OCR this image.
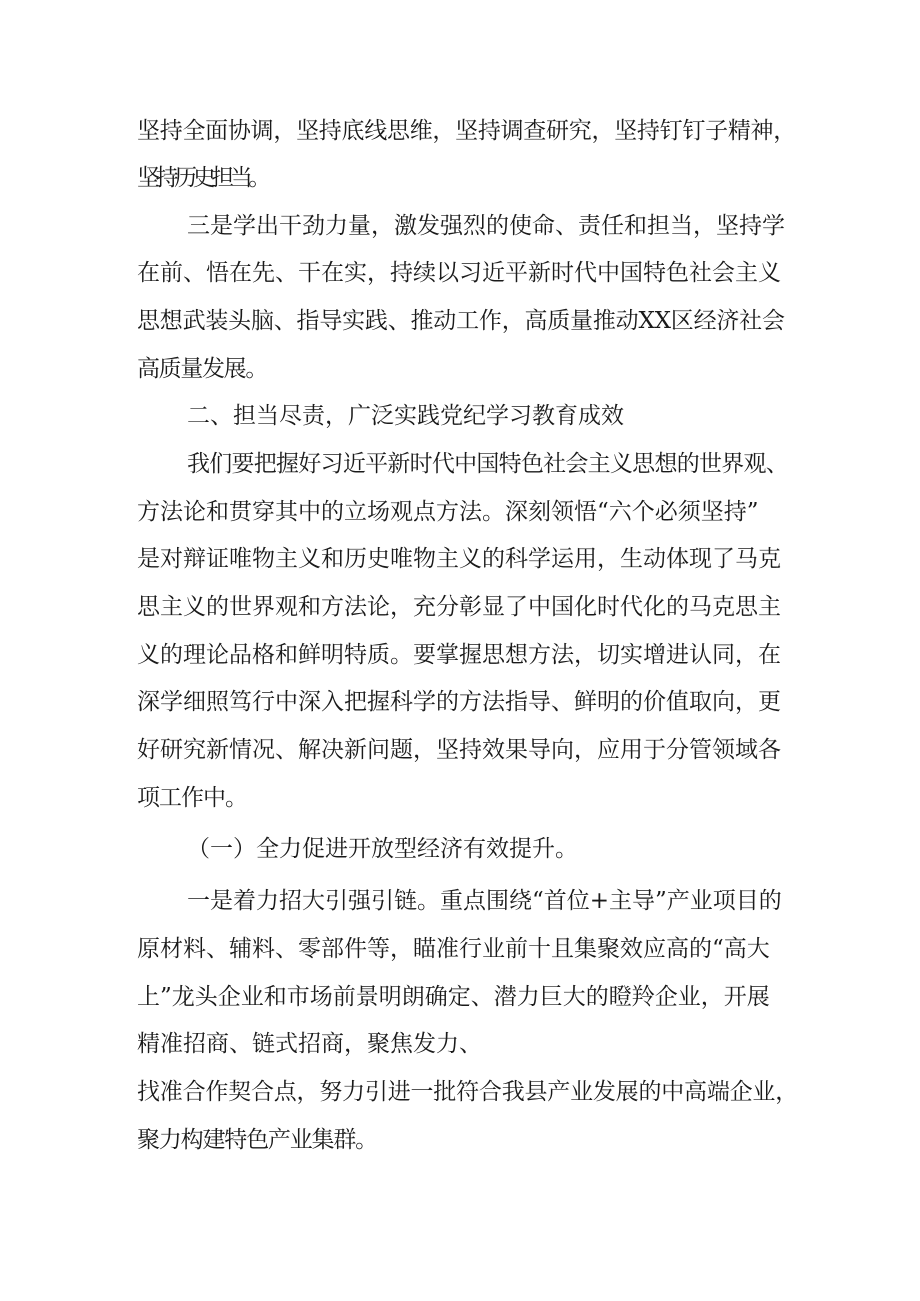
坚持全面协调，坚持底线思维，坚持调查研究，坚持钉钉子精神，
坚持历史担当。
三是学出干劲力量，激发强烈的使命、责任和担当，坚持学
在前、悟在先、干在实，持续以习近平新时代中国特色社会主义
思想武装头脑、指导实践、推动工作，高质量推动XX区经济社会
高质量发展。
二、担当尽责，广泛实践党纪学习教育成效
我们要把握好习近平新时代中国特色社会主义思想的世界观、
方法论和贯穿其中的立场观点方法。深刻领悟“六个必须坚持”
是对辩证唯物主义和历史唯物主义的科学运用，生动体现了马克
思主义的世界观和方法论，充分彰显了中国化时代化的马克思主
义的理论品格和鲜明特质。要掌握思想方法，切实增进认同，在
深学细照笃行中深入把握科学的方法指导、鲜明的价值取向，更
好研究新情况、解决新问题，坚持效果导向，应用于分管领域各
项工作中。
（一）全力促进开放型经济有效提升。
一是着力招大引强引链。重点围绕“首位+主导”产业项目的
原材料、辅料、零部件等，瞄准行业前十且集聚效应高的“高大
上”龙头企业和市场前景明朗确定、潜力巨大的瞪羚企业，开展
精准招商、链式招商，聚焦发力、
找准合作契合点，努力引进一批符合我县产业发展的中高端企业，
聚力构建特色产业集群。
